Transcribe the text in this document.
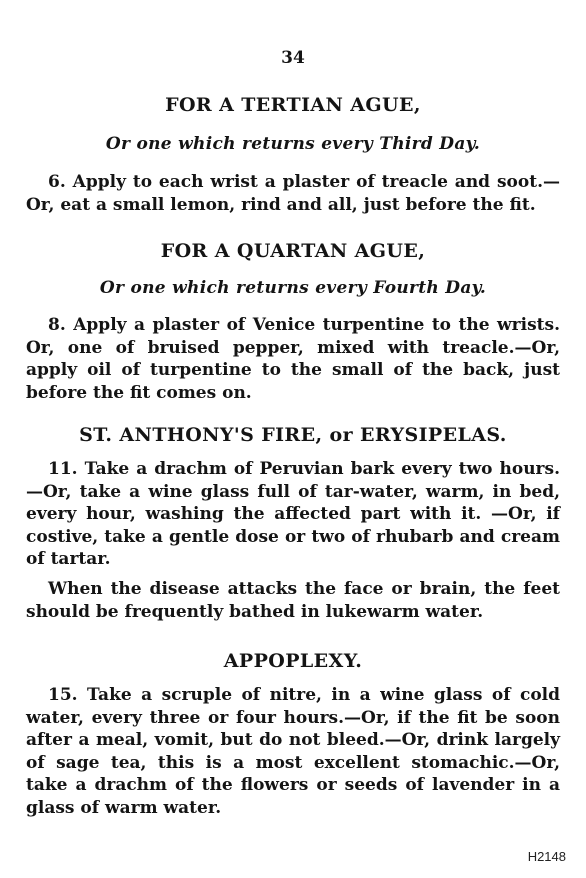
34
FOR A TERTIAN AGUE,
Or one which returns every Third Day.
6. Apply to each wrist a plaster of treacle and soot.—Or, eat a small lemon, rind and all, just before the fit.
FOR A QUARTAN AGUE,
Or one which returns every Fourth Day.
8. Apply a plaster of Venice turpentine to the wrists. Or, one of bruised pepper, mixed with treacle.—Or, apply oil of turpentine to the small of the back, just before the fit comes on.
ST. ANTHONY'S FIRE, or ERYSIPELAS.
11. Take a drachm of Peruvian bark every two hours.—Or, take a wine glass full of tar-water, warm, in bed, every hour, washing the affected part with it. —Or, if costive, take a gentle dose or two of rhubarb and cream of tartar.
When the disease attacks the face or brain, the feet should be frequently bathed in lukewarm water.
APPOPLEXY.
15. Take a scruple of nitre, in a wine glass of cold water, every three or four hours.—Or, if the fit be soon after a meal, vomit, but do not bleed.—Or, drink largely of sage tea, this is a most excellent stomachic.—Or, take a drachm of the flowers or seeds of lavender in a glass of warm water.
H2148
